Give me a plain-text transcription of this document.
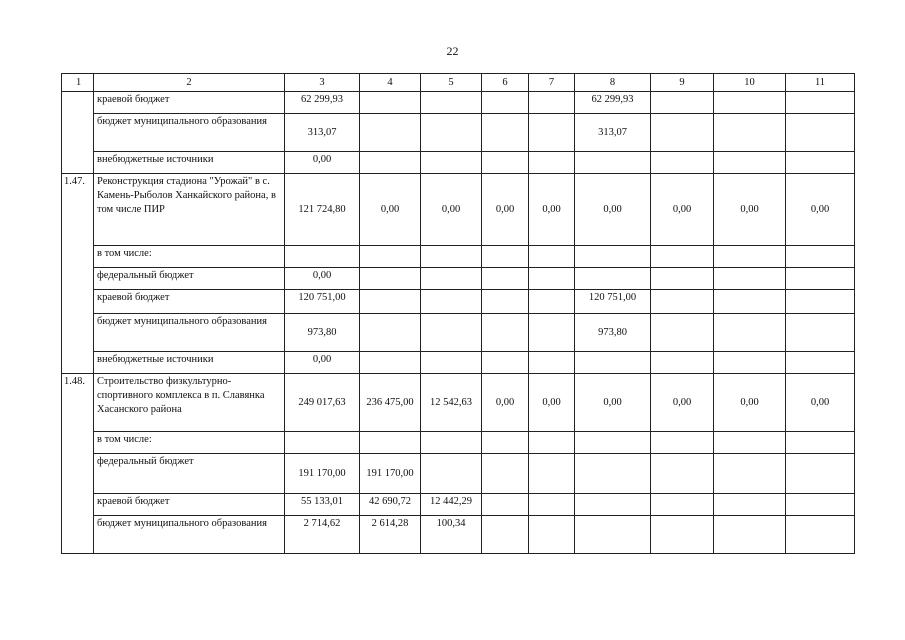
22
1	2	3	4	5	6	7	8	9	10	11
	краевой бюджет	62 299,93					62 299,93			
	бюджет муниципального образования	313,07					313,07			
	внебюджетные источники	0,00								
1.47.	Реконструкция стадиона "Урожай" в с. Камень-Рыболов Ханкайского района, в том числе ПИР	121 724,80	0,00	0,00	0,00	0,00	0,00	0,00	0,00	0,00
	в том числе:									
	федеральный бюджет	0,00								
	краевой бюджет	120 751,00					120 751,00			
	бюджет муниципального образования	973,80					973,80			
	внебюджетные источники	0,00								
1.48.	Строительство физкультурно-спортивного комплекса в п. Славянка Хасанского района	249 017,63	236 475,00	12 542,63	0,00	0,00	0,00	0,00	0,00	0,00
	в том числе:									
	федеральный бюджет	191 170,00	191 170,00							
	краевой бюджет	55 133,01	42 690,72	12 442,29						
	бюджет муниципального образования	2 714,62	2 614,28	100,34						
